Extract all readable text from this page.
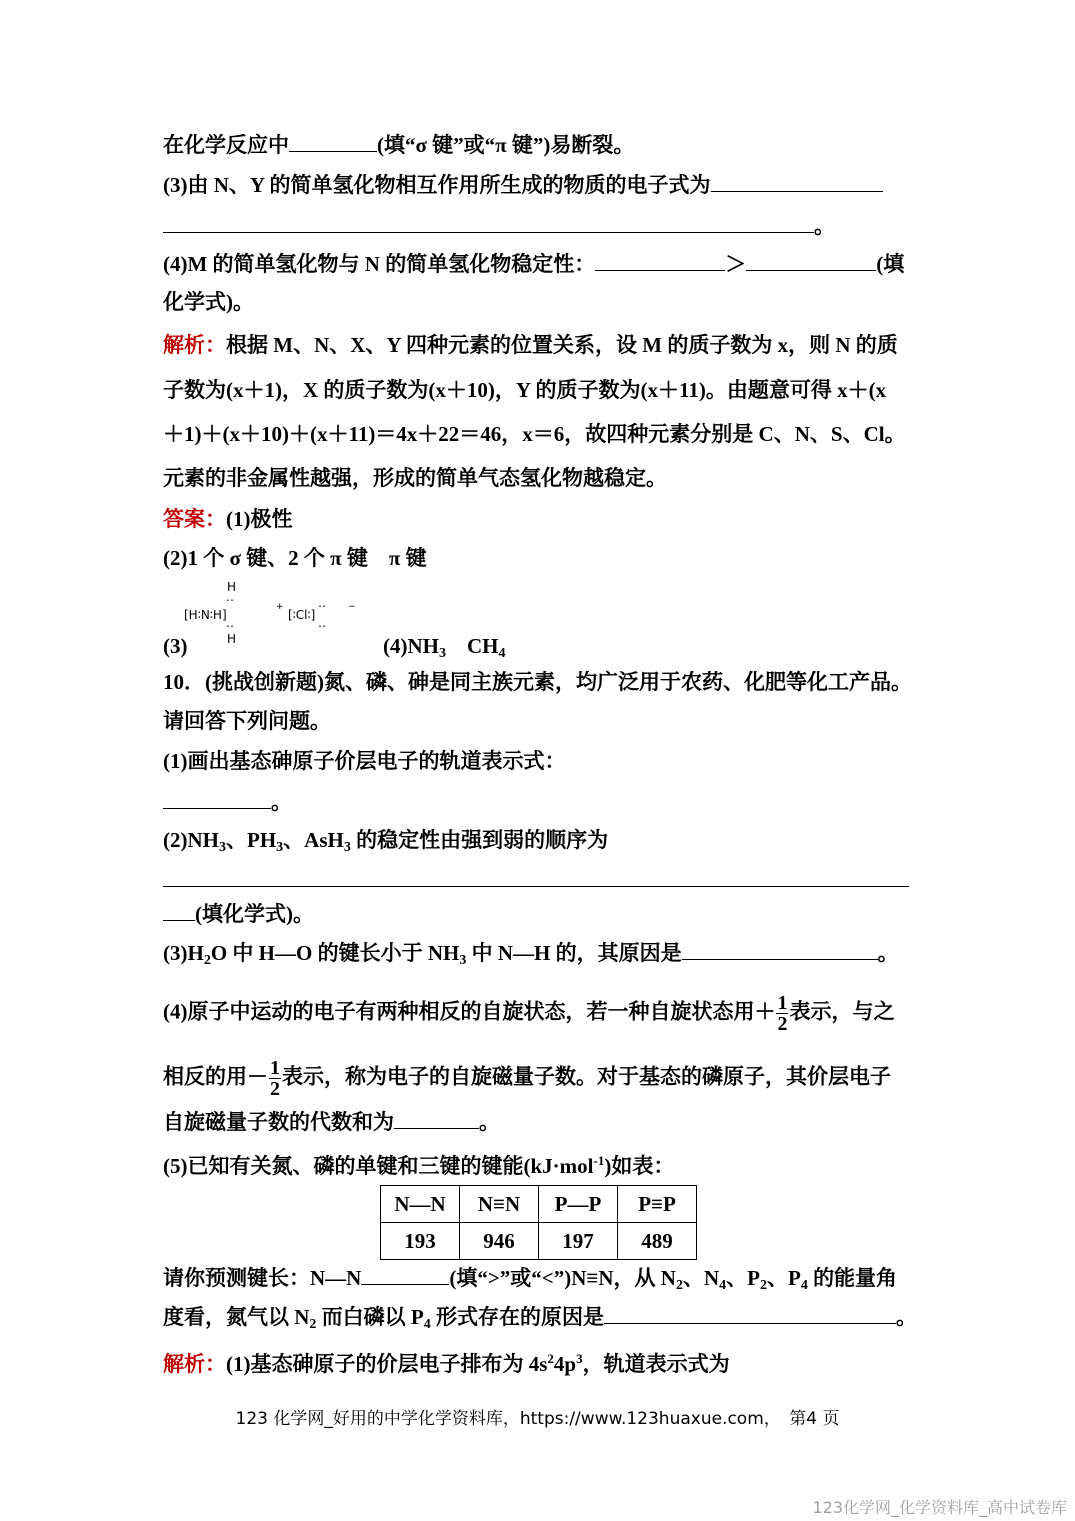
在化学反应中	(填“σ 键”或“π 键”)易断裂。
(3)由 N、Y 的简单氢化物相互作用所生成的物质的电子式为
。
(4)M 的简单氢化物与 N 的简单氢化物稳定性：	＞	(填
化学式)。
解析：根据 M、N、X、Y 四种元素的位置关系，设 M 的质子数为 x，则 N 的质
子数为(x＋1)，X 的质子数为(x＋10)，Y 的质子数为(x＋11)。由题意可得 x＋(x
＋1)＋(x＋10)＋(x＋11)＝4x＋22＝46，x＝6，故四种元素分别是 C、N、S、Cl。
元素的非金属性越强，形成的简单气态氢化物越稳定。
答案：(1)极性
(2)1 个 σ 键、2 个 π 键　π 键
H
‥
[H∶N∶H]
+	‥
[∶Cl∶]
−
‥	‥
H
(3)	$(4)NH_3$　$CH_4$
10．(挑战创新题)氮、磷、砷是同主族元素，均广泛用于农药、化肥等化工产品。
请回答下列问题。
(1)画出基态砷原子价层电子的轨道表示式：
。
$(2)NH_3$、$PH_3$、AsH$_3$ 的稳定性由强到弱的顺序为
(填化学式)。
$(3)H_2O$ 中 H—O 的键长小于 $NH_3$ 中 N—H 的，其原因是	。
(4)原子中运动的电子有两种相反的自旋状态，若一种自旋状态用＋ $\frac{1}{2}$ 表示，与之
相反的用－ $\frac{1}{2}$ 表示，称为电子的自旋磁量子数。对于基态的磷原子，其价层电子
自旋磁量子数的代数和为	。
(5)已知有关氮、磷的单键和三键的键能(kJ·mol$^{-1}$)如表：
N—N	N≡N	P—P	P≡P
193	946	197	489
请你预测键长：N—N	(填“>”或“<”)N≡N，从 $N_2$、$N_4$、$P_2$、$P_4$ 的能量角
度看，氮气以 $N_2$ 而白磷以 $P_4$ 形式存在的原因是	。
解析：(1)基态砷原子的价层电子排布为 $4s^24p^3$，轨道表示式为
123 化学网_好用的中学化学资料库，https://www.123huaxue.com，　第4 页
123化学网_化学资料库_高中试卷库
